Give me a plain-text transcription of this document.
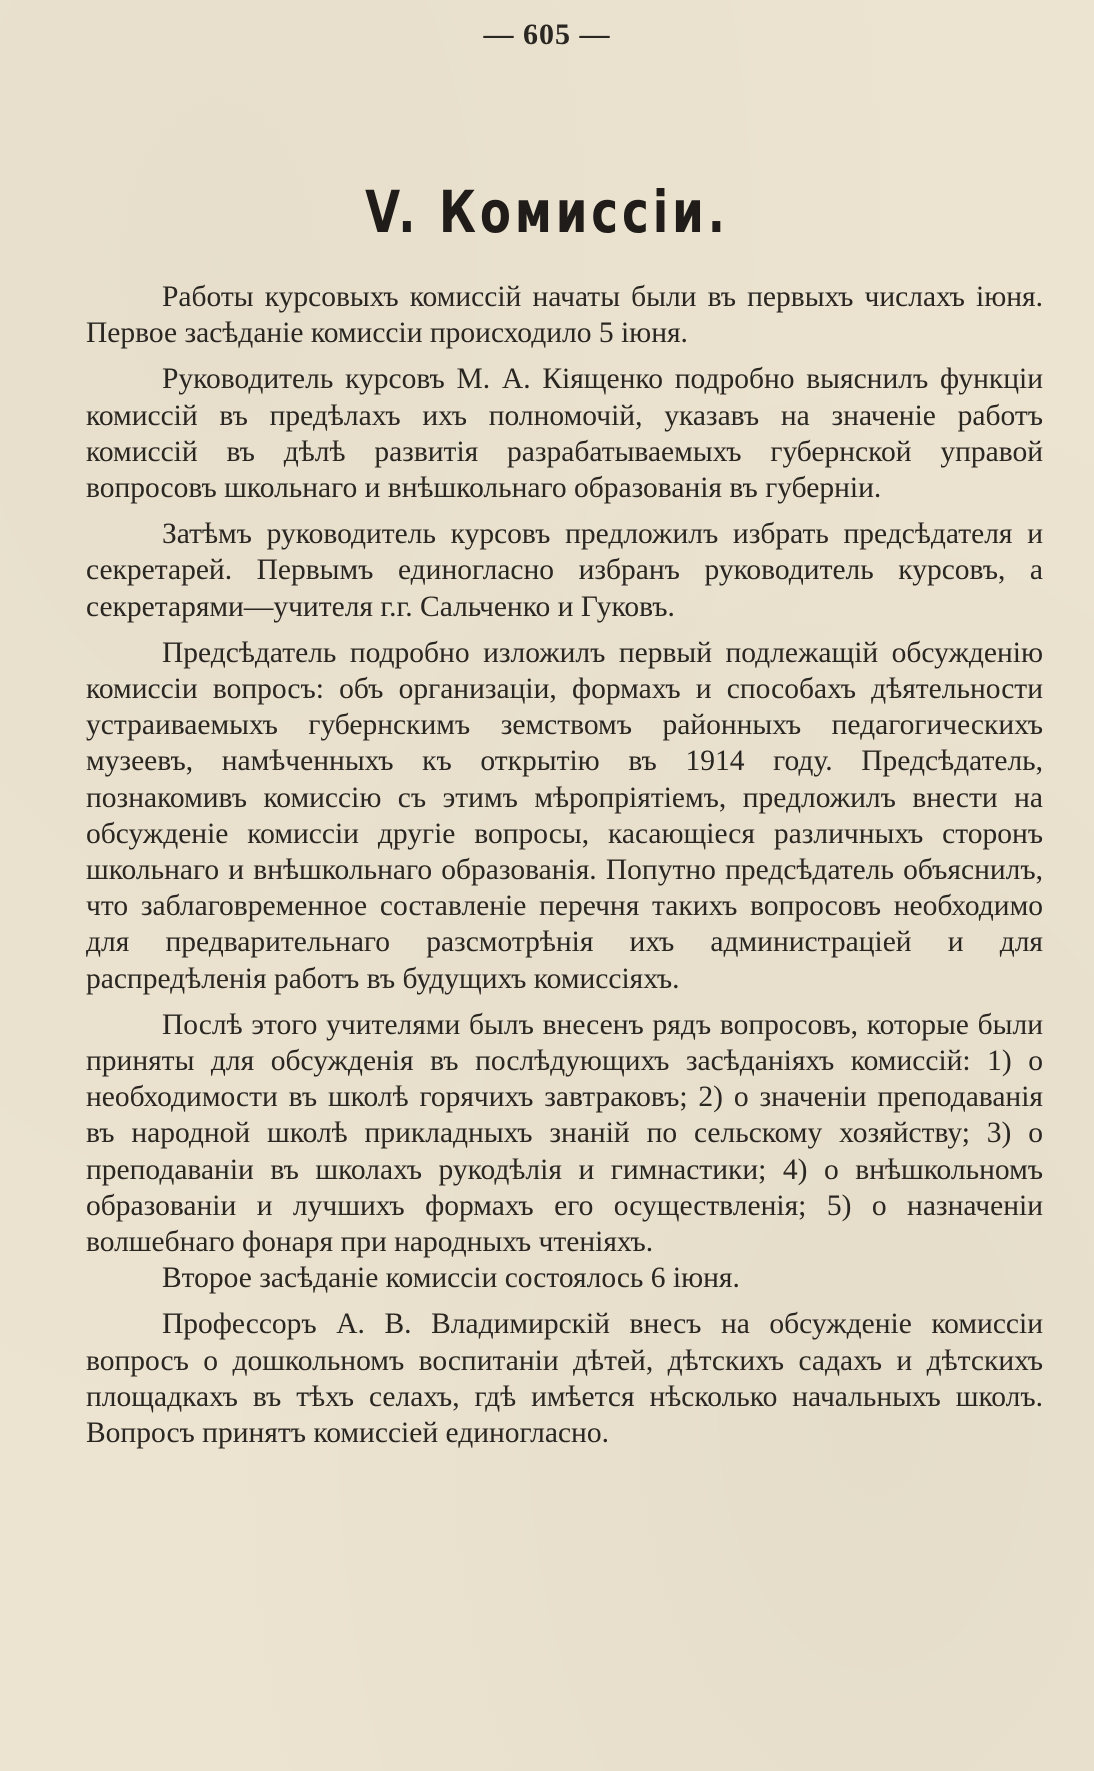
— 605 —
V. Комиссіи.

Работы курсовыхъ комиссій начаты были въ первыхъ числахъ іюня. Первое засѣданіе комиссіи происходило 5 іюня.

Руководитель курсовъ М. А. Кіященко подробно выяснилъ функціи комиссій въ предѣлахъ ихъ полномочій, указавъ на значеніе работъ комиссій въ дѣлѣ развитія разрабатываемыхъ губернской управой вопросовъ школьнаго и внѣшкольнаго образованія въ губерніи.

Затѣмъ руководитель курсовъ предложилъ избрать предсѣдателя и секретарей. Первымъ единогласно избранъ руководитель курсовъ, а секретарями—учителя г.г. Сальченко и Гуковъ.

Предсѣдатель подробно изложилъ первый подлежащій обсужденію комиссіи вопросъ: объ организаціи, формахъ и способахъ дѣятельности устраиваемыхъ губернскимъ земствомъ районныхъ педагогическихъ музеевъ, намѣченныхъ къ открытію въ 1914 году. Предсѣдатель, познакомивъ комиссію съ этимъ мѣропріятіемъ, предложилъ внести на обсужденіе комиссіи другіе вопросы, касающіеся различныхъ сторонъ школьнаго и внѣшкольнаго образованія. Попутно предсѣдатель объяснилъ, что заблаговременное составленіе перечня такихъ вопросовъ необходимо для предварительнаго разсмотрѣнія ихъ администраціей и для распредѣленія работъ въ будущихъ комиссіяхъ.

Послѣ этого учителями былъ внесенъ рядъ вопросовъ, которые были приняты для обсужденія въ послѣдующихъ засѣданіяхъ комиссій: 1) о необходимости въ школѣ горячихъ завтраковъ; 2) о значеніи преподаванія въ народной школѣ прикладныхъ знаній по сельскому хозяйству; 3) о преподаваніи въ школахъ рукодѣлія и гимнастики; 4) о внѣшкольномъ образованіи и лучшихъ формахъ его осуществленія; 5) о назначеніи волшебнаго фонаря при народныхъ чтеніяхъ.

Второе засѣданіе комиссіи состоялось 6 іюня.

Профессоръ А. В. Владимирскій внесъ на обсужденіе комиссіи вопросъ о дошкольномъ воспитаніи дѣтей, дѣтскихъ садахъ и дѣтскихъ площадкахъ въ тѣхъ селахъ, гдѣ имѣется нѣсколько начальныхъ школъ. Вопросъ принятъ комиссіей единогласно.
